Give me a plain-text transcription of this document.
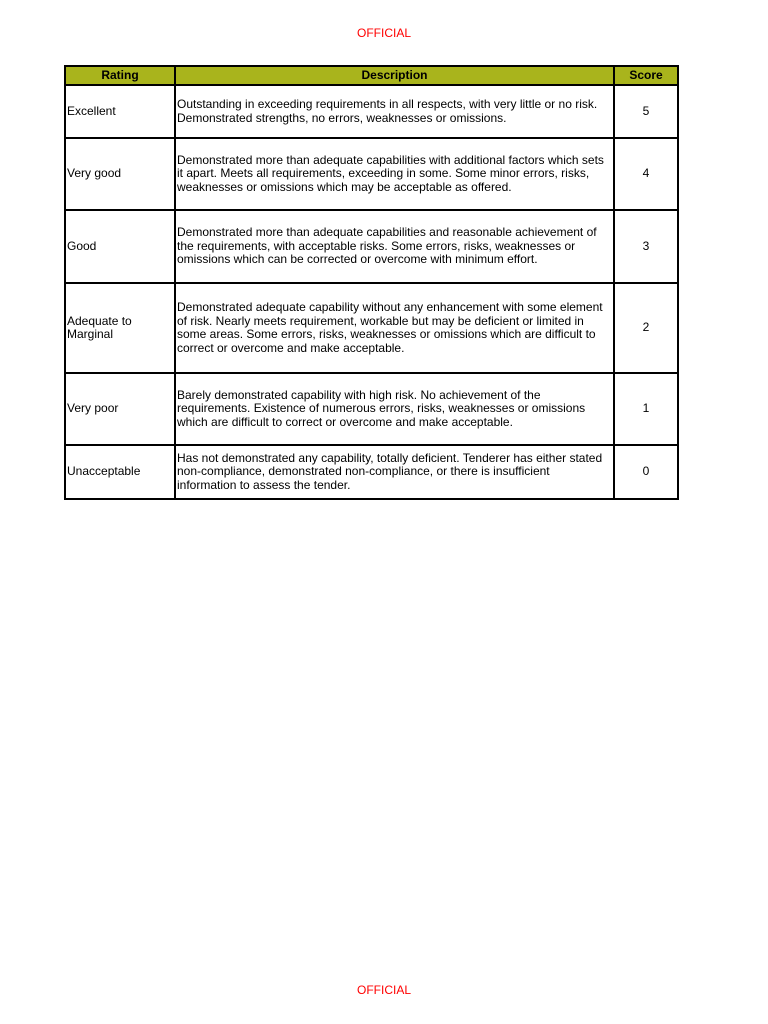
OFFICIAL
Rating	Description	Score
Excellent	Outstanding in exceeding requirements in all respects, with very little or no risk. Demonstrated strengths, no errors, weaknesses or omissions.	5
Very good	Demonstrated more than adequate capabilities with additional factors which sets it apart. Meets all requirements, exceeding in some. Some minor errors, risks, weaknesses or omissions which may be acceptable as offered.	4
Good	Demonstrated more than adequate capabilities and reasonable achievement of the requirements, with acceptable risks. Some errors, risks, weaknesses or omissions which can be corrected or overcome with minimum effort.	3
Adequate to Marginal	Demonstrated adequate capability without any enhancement with some element of risk. Nearly meets requirement, workable but may be deficient or limited in some areas. Some errors, risks, weaknesses or omissions which are difficult to correct or overcome and make acceptable.	2
Very poor	Barely demonstrated capability with high risk. No achievement of the requirements. Existence of numerous errors, risks, weaknesses or omissions which are difficult to correct or overcome and make acceptable.	1
Unacceptable	Has not demonstrated any capability, totally deficient. Tenderer has either stated non-compliance, demonstrated non-compliance, or there is insufficient information to assess the tender.	0
OFFICIAL
